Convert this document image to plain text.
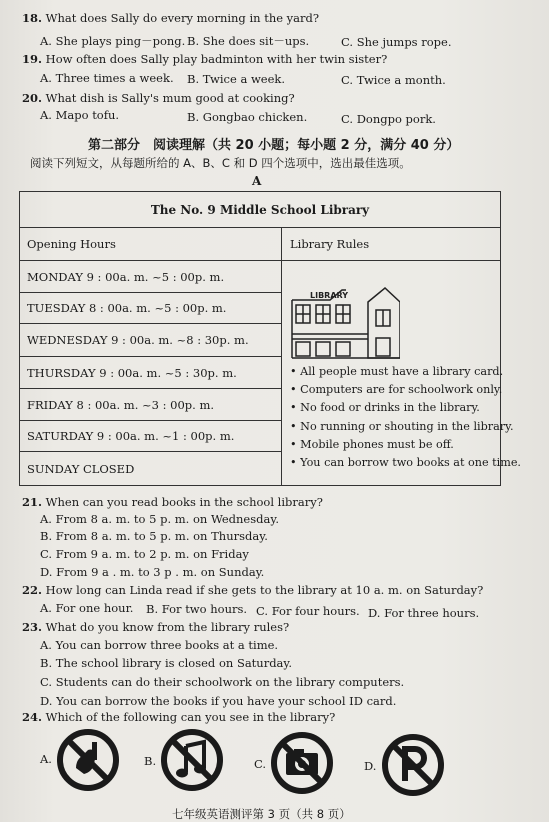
18. What does Sally do every morning in the yard?
A. She plays ping－pong. B. She does sit－ups.	C. She jumps rope.
19. How often does Sally play badminton with her twin sister?
A. Three times a week. B. Twice a week.	C. Twice a month.
20. What dish is Sally's mum good at cooking?
A. Mapo tofu.	B. Gongbao chicken.	C. Dongpo pork.
第二部分　阅读理解（共 20 小题；每小题 2 分，满分 40 分）
阅读下列短文，从每题所给的 A、B、C 和 D 四个选项中，选出最佳选项。
A
The No. 9 Middle School Library
Opening Hours	Library Rules
MONDAY 9 : 00a. m. ~5 : 00p. m.
TUESDAY 8 : 00a. m. ~5 : 00p. m.
WEDNESDAY 9 : 00a. m. ~8 : 30p. m.
THURSDAY 9 : 00a. m. ~5 : 30p. m.
FRIDAY 8 : 00a. m. ~3 : 00p. m.
SATURDAY 9 : 00a. m. ~1 : 00p. m.
SUNDAY CLOSED
LIBRARY
• All people must have a library card.
• Computers are for schoolwork only.
• No food or drinks in the library.
• No running or shouting in the library.
• Mobile phones must be off.
• You can borrow two books at one time.
21. When can you read books in the school library?
A. From 8 a. m. to 5 p. m. on Wednesday.
B. From 8 a. m. to 5 p. m. on Thursday.
C. From 9 a. m. to 2 p. m. on Friday
D. From 9 a . m. to 3 p . m. on Sunday.
22. How long can Linda read if she gets to the library at 10 a. m. on Saturday?
A. For one hour. B. For two hours. C. For four hours. D. For three hours.
23. What do you know from the library rules?
A. You can borrow three books at a time.
B. The school library is closed on Saturday.
C. Students can do their schoolwork on the library computers.
D. You can borrow the books if you have your school ID card.
24. Which of the following can you see in the library?
A.	B.	C.	D.
七年级英语测评第 3 页（共 8 页）
